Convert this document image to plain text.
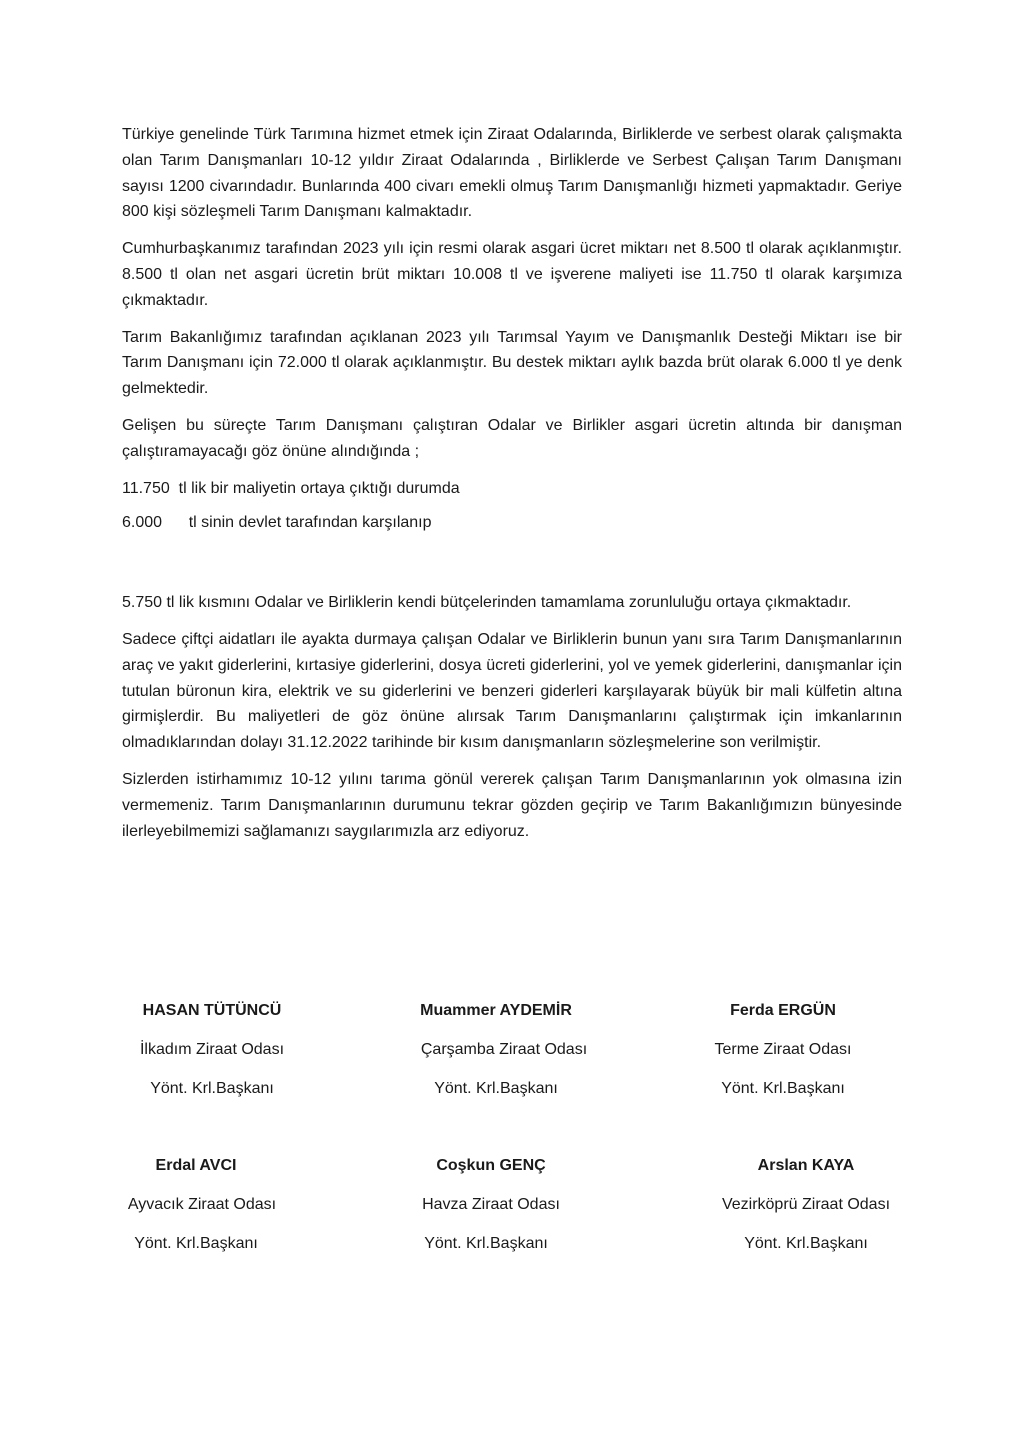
Türkiye genelinde Türk Tarımına hizmet etmek için Ziraat Odalarında, Birliklerde ve serbest olarak çalışmakta olan Tarım Danışmanları 10-12 yıldır Ziraat Odalarında , Birliklerde ve Serbest Çalışan Tarım Danışmanı sayısı 1200 civarındadır. Bunlarında 400 civarı emekli olmuş Tarım Danışmanlığı hizmeti yapmaktadır. Geriye 800 kişi sözleşmeli Tarım Danışmanı kalmaktadır.

Cumhurbaşkanımız tarafından 2023 yılı için resmi olarak asgari ücret miktarı net 8.500 tl olarak açıklanmıştır. 8.500 tl olan net asgari ücretin brüt miktarı 10.008 tl ve işverene maliyeti ise 11.750 tl olarak karşımıza çıkmaktadır.

Tarım Bakanlığımız tarafından açıklanan 2023 yılı Tarımsal Yayım ve Danışmanlık Desteği Miktarı ise bir Tarım Danışmanı için 72.000 tl olarak açıklanmıştır. Bu destek miktarı aylık bazda brüt olarak 6.000 tl ye denk gelmektedir.

Gelişen bu süreçte Tarım Danışmanı çalıştıran Odalar ve Birlikler asgari ücretin altında bir danışman çalıştıramayacağı göz önüne alındığında ;

11.750  tl lik bir maliyetin ortaya çıktığı durumda

6.000      tl sinin devlet tarafından karşılanıp

5.750 tl lik kısmını Odalar ve Birliklerin kendi bütçelerinden tamamlama zorunluluğu ortaya çıkmaktadır.

Sadece çiftçi aidatları ile ayakta durmaya çalışan Odalar ve Birliklerin bunun yanı sıra Tarım Danışmanlarının araç ve yakıt giderlerini, kırtasiye giderlerini, dosya ücreti giderlerini, yol ve yemek giderlerini, danışmanlar için tutulan büronun kira, elektrik ve su giderlerini ve benzeri giderleri karşılayarak büyük bir mali külfetin altına girmişlerdir. Bu maliyetleri de göz önüne alırsak Tarım Danışmanlarını çalıştırmak için imkanlarının olmadıklarından dolayı 31.12.2022 tarihinde bir kısım danışmanların sözleşmelerine son verilmiştir.

Sizlerden istirhamımız 10-12 yılını tarıma gönül vererek çalışan Tarım Danışmanlarının yok olmasına izin vermemeniz. Tarım Danışmanlarının durumunu tekrar gözden geçirip ve Tarım Bakanlığımızın bünyesinde ilerleyebilmemizi sağlamanızı saygılarımızla arz ediyoruz.

HASAN TÜTÜNCÜ
İlkadım Ziraat Odası
Yönt. Krl.Başkanı
Muammer AYDEMİR
Çarşamba Ziraat Odası
Yönt. Krl.Başkanı
Ferda ERGÜN
Terme Ziraat Odası
Yönt. Krl.Başkanı
Erdal AVCI
Ayvacık Ziraat Odası
Yönt. Krl.Başkanı
Coşkun GENÇ
Havza Ziraat Odası
Yönt. Krl.Başkanı
Arslan KAYA
Vezirköprü Ziraat Odası
Yönt. Krl.Başkanı
